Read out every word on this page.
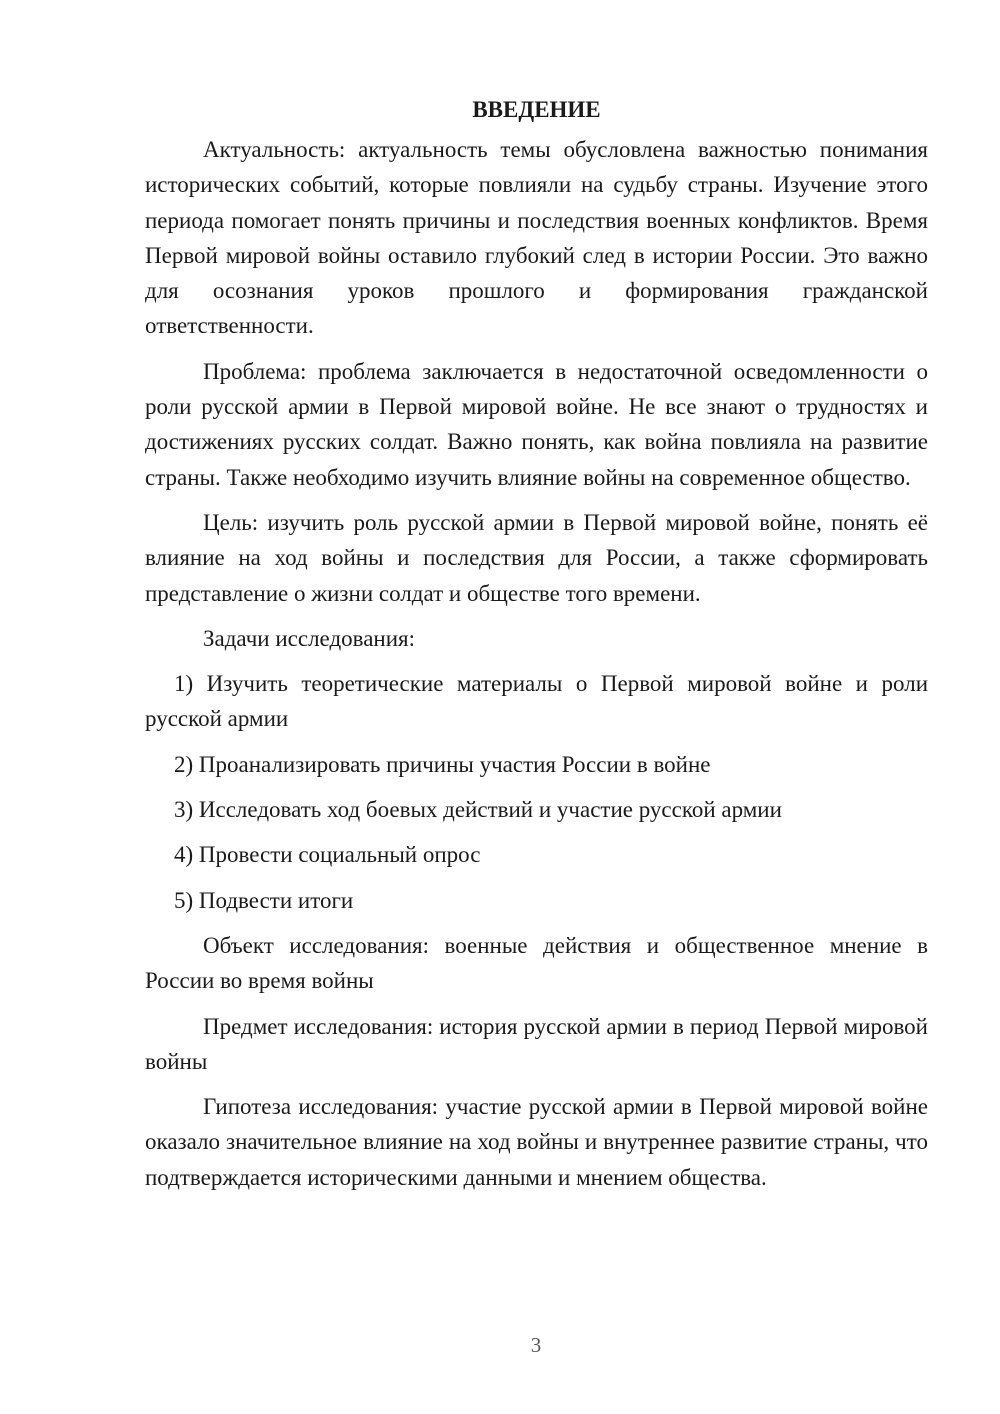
ВВЕДЕНИЕ

Актуальность: актуальность темы обусловлена важностью понимания исторических событий, которые повлияли на судьбу страны. Изучение этого периода помогает понять причины и последствия военных конфликтов. Время Первой мировой войны оставило глубокий след в истории России. Это важно для осознания уроков прошлого и формирования гражданской ответственности.

Проблема: проблема заключается в недостаточной осведомленности о роли русской армии в Первой мировой войне. Не все знают о трудностях и достижениях русских солдат. Важно понять, как война повлияла на развитие страны. Также необходимо изучить влияние войны на современное общество.

Цель: изучить роль русской армии в Первой мировой войне, понять её влияние на ход войны и последствия для России, а также сформировать представление о жизни солдат и обществе того времени.

Задачи исследования:

1) Изучить теоретические материалы о Первой мировой войне и роли русской армии

2) Проанализировать причины участия России в войне

3) Исследовать ход боевых действий и участие русской армии

4) Провести социальный опрос

5) Подвести итоги

Объект исследования: военные действия и общественное мнение в России во время войны

Предмет исследования: история русской армии в период Первой мировой войны

Гипотеза исследования: участие русской армии в Первой мировой войне оказало значительное влияние на ход войны и внутреннее развитие страны, что подтверждается историческими данными и мнением общества.

3
